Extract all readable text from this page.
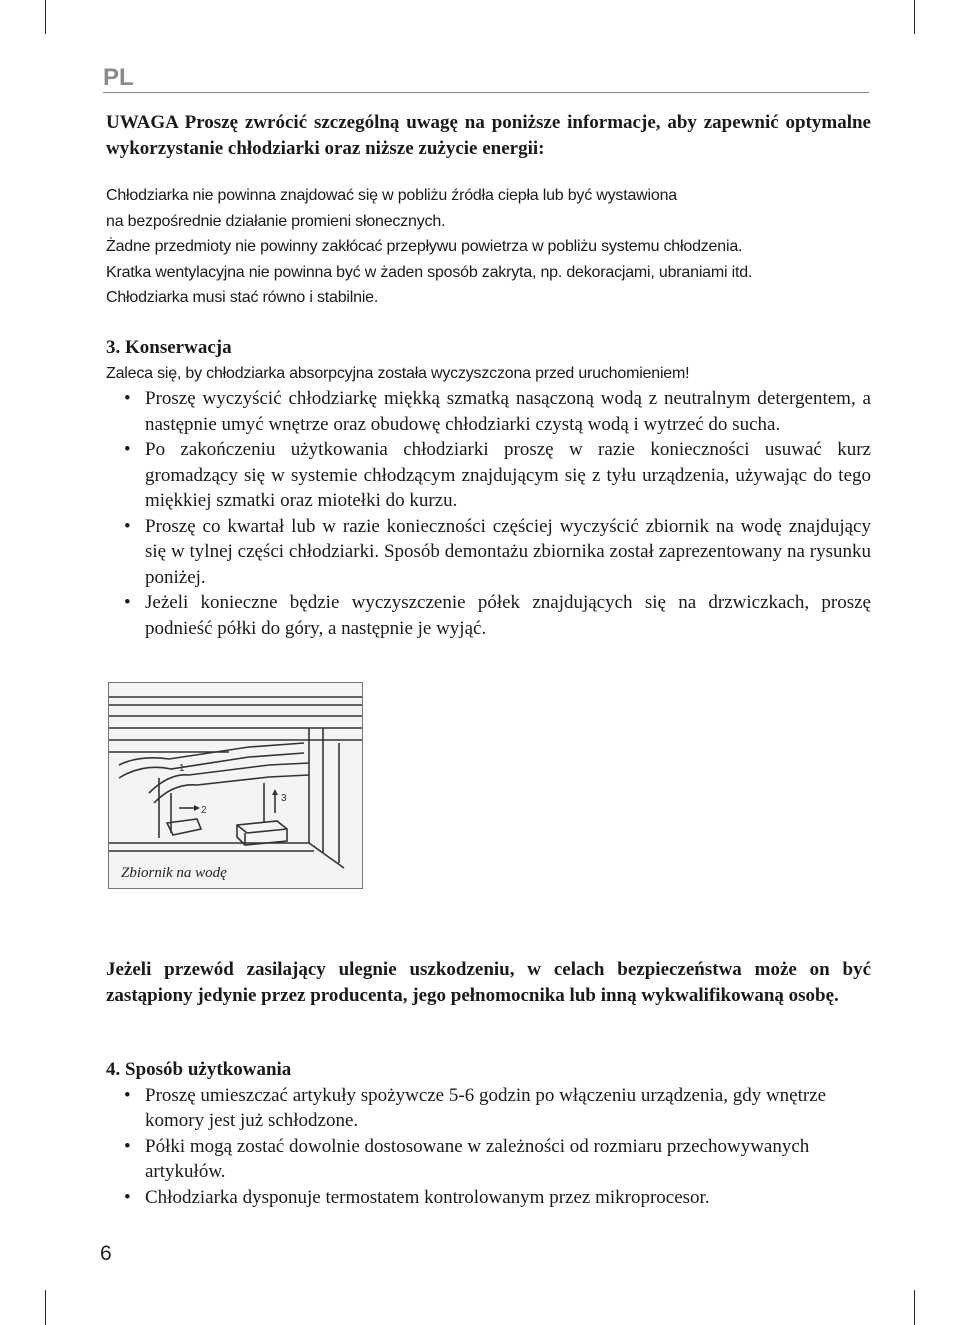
PL

UWAGA Proszę zwrócić szczególną uwagę na poniższe informacje, aby zapewnić optymalne wykorzystanie chłodziarki oraz niższe zużycie energii:

Chłodziarka nie powinna znajdować się w pobliżu źródła ciepła lub być wystawiona

na bezpośrednie działanie promieni słonecznych.

Żadne przedmioty nie powinny zakłócać przepływu powietrza w pobliżu systemu chłodzenia.

Kratka wentylacyjna nie powinna być w żaden sposób zakryta, np. dekoracjami, ubraniami itd.

Chłodziarka musi stać równo i stabilnie.

3. Konserwacja

Zaleca się, by chłodziarka absorpcyjna została wyczyszczona przed uruchomieniem!

• Proszę wyczyścić chłodziarkę miękką szmatką nasączoną wodą z neutralnym detergentem, a następnie umyć wnętrze oraz obudowę chłodziarki czystą wodą i wytrzeć do sucha.
• Po zakończeniu użytkowania chłodziarki proszę w razie konieczności usuwać kurz gromadzący się w systemie chłodzącym znajdującym się z tyłu urządzenia, używając do tego miękkiej szmatki oraz miotełki do kurzu.
• Proszę co kwartał lub w razie konieczności częściej wyczyścić zbiornik na wodę znajdujący się w tylnej części chłodziarki. Sposób demontażu zbiornika został zaprezentowany na rysunku poniżej.
• Jeżeli konieczne będzie wyczyszczenie półek znajdujących się na drzwiczkach, proszę podnieść półki do góry, a następnie je wyjąć.
1
2
3
Zbiornik na wodę

Jeżeli przewód zasilający ulegnie uszkodzeniu, w celach bezpieczeństwa może on być zastąpiony jedynie przez producenta, jego pełnomocnika lub inną wykwalifikowaną osobę.

4. Sposób użytkowania

• Proszę umieszczać artykuły spożywcze 5-6 godzin po włączeniu urządzenia, gdy wnętrze komory jest już schłodzone.
• Półki mogą zostać dowolnie dostosowane w zależności od rozmiaru przechowywanych artykułów.
• Chłodziarka dysponuje termostatem kontrolowanym przez mikroprocesor.
6
